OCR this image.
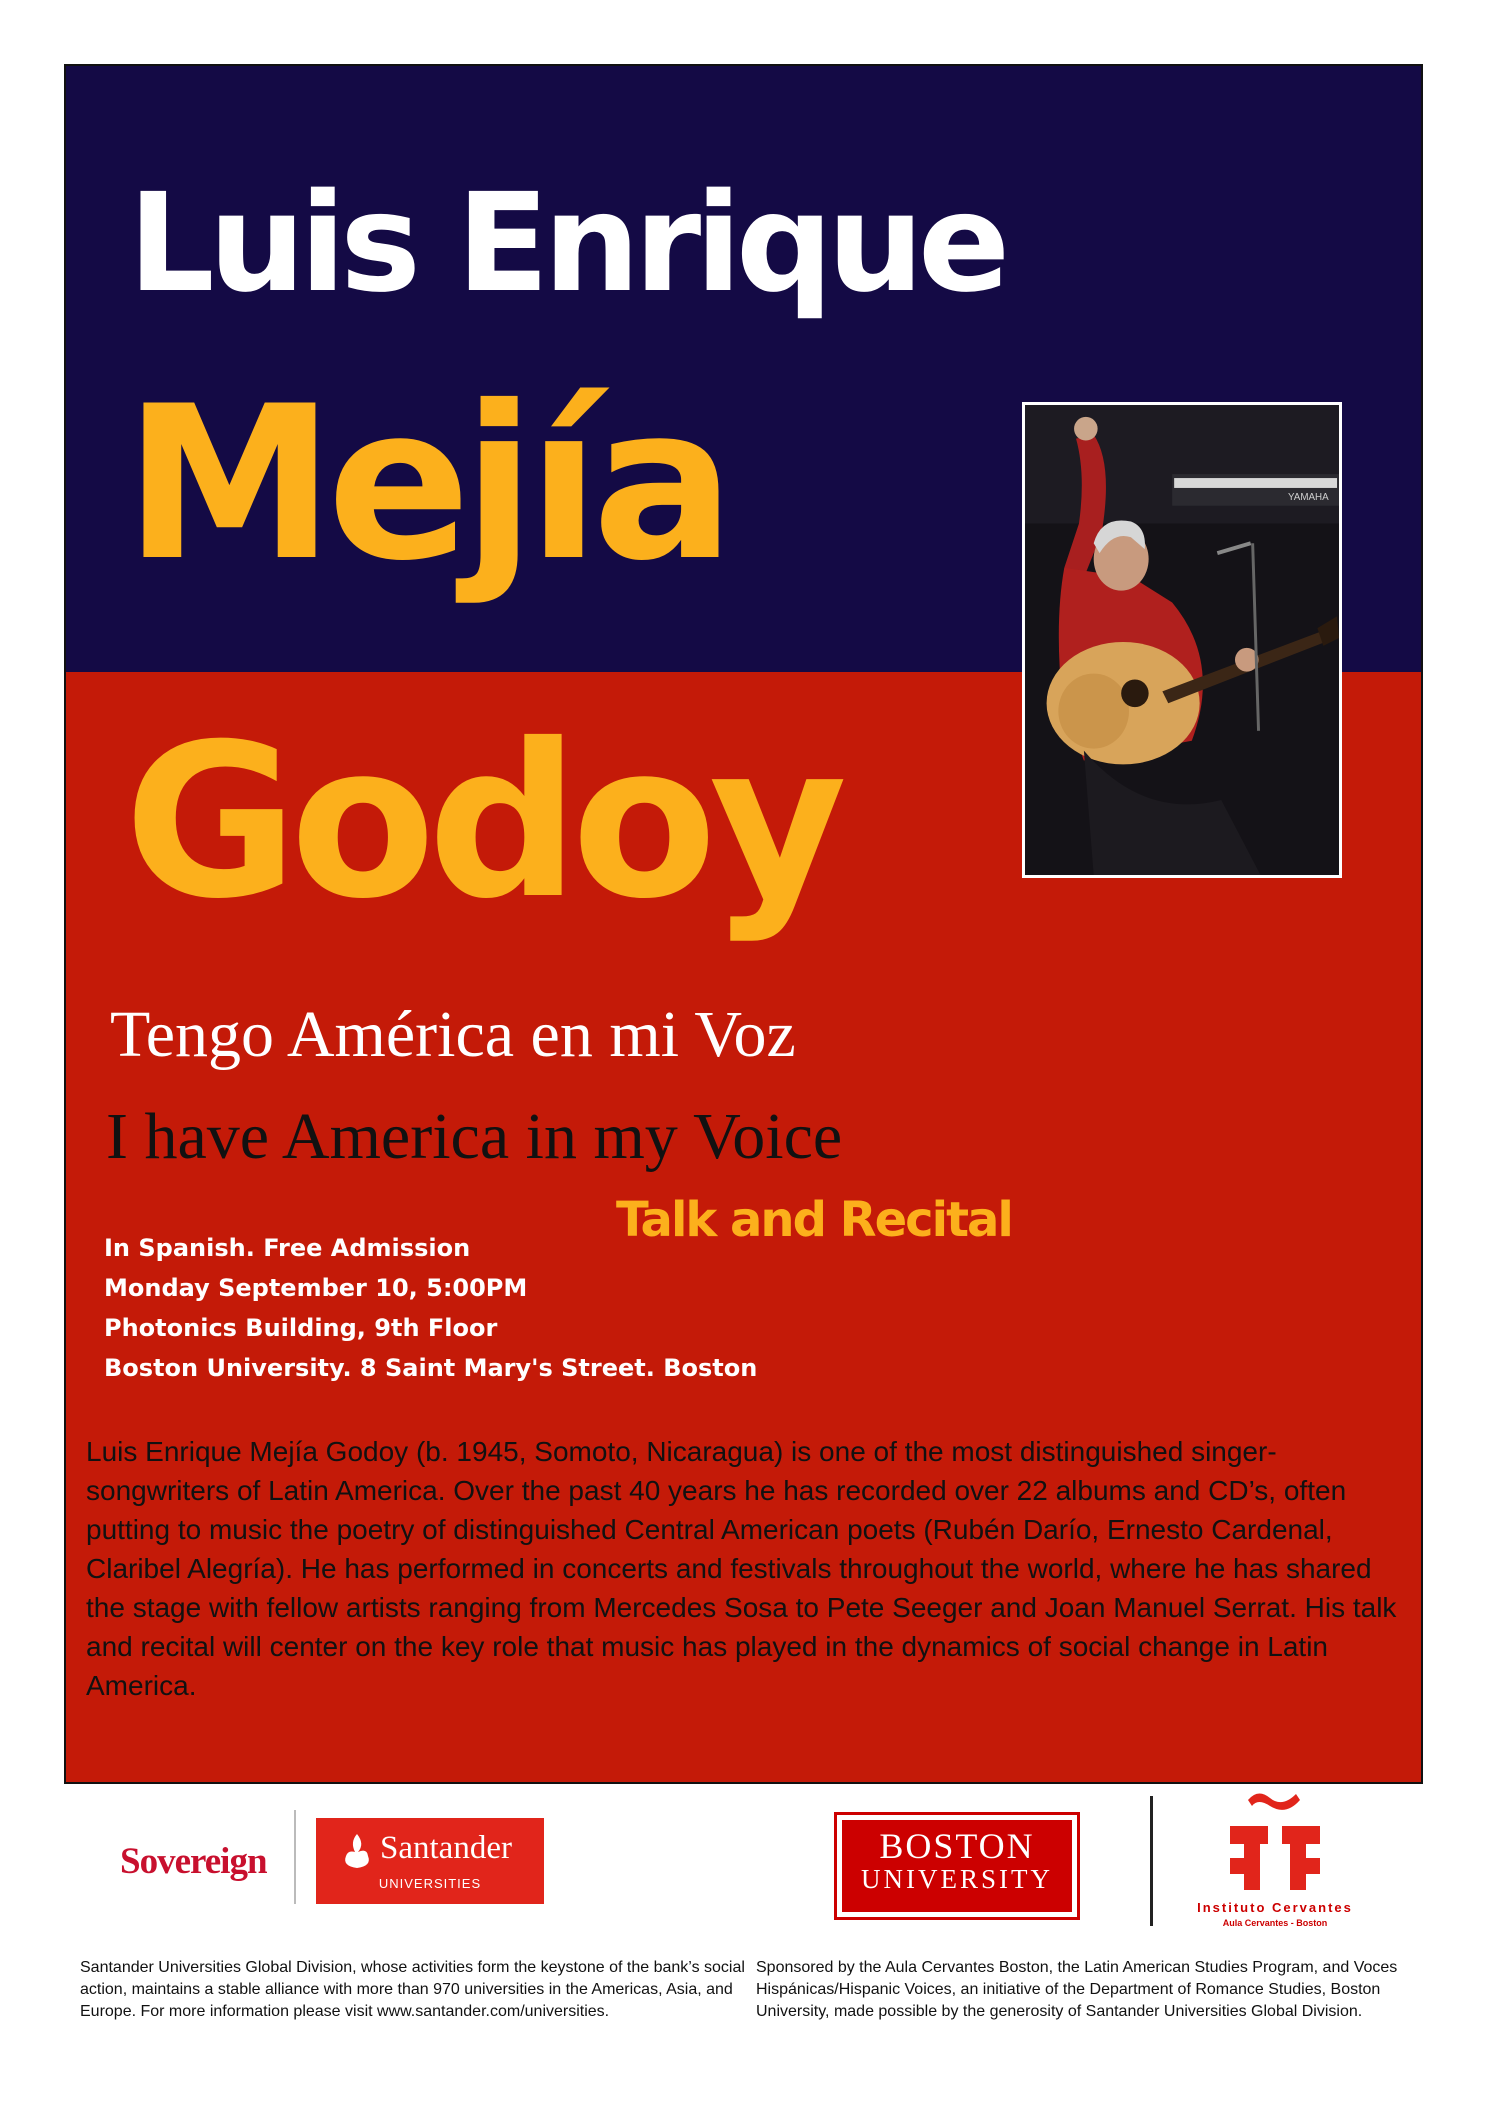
Luis Enrique
Mejía
Godoy
YAMAHA
Tengo América en mi Voz
I have America in my Voice
Talk and Recital
In Spanish. Free Admission
Monday September 10, 5:00PM
Photonics Building, 9th Floor
Boston University. 8 Saint Mary's Street. Boston
Luis Enrique Mejía Godoy (b. 1945, Somoto, Nicaragua) is one of the most distinguished singer-songwriters of Latin America. Over the past 40 years he has recorded over 22 albums and CD’s, often putting to music the poetry of distinguished Central American poets (Rubén Darío, Ernesto Cardenal, Claribel Alegría). He has performed in concerts and festivals throughout the world, where he has shared the stage with fellow artists ranging from Mercedes Sosa to Pete Seeger and Joan Manuel Serrat. His talk and recital will center on the key role that music has played in the dynamics of social change in Latin America.
Sovereign	Santander
UNIVERSITIES
BOSTON
UNIVERSITY
Instituto Cervantes
Aula Cervantes - Boston
Santander Universities Global Division, whose activities form the keystone of the bank’s social action, maintains a stable alliance with more than 970 universities in the Americas, Asia, and Europe. For more information please visit www.santander.com/universities.
Sponsored by the Aula Cervantes Boston, the Latin American Studies Program, and Voces Hispánicas/Hispanic Voices, an initiative of the Department of Romance Studies, Boston University, made possible by the generosity of Santander Universities Global Division.
